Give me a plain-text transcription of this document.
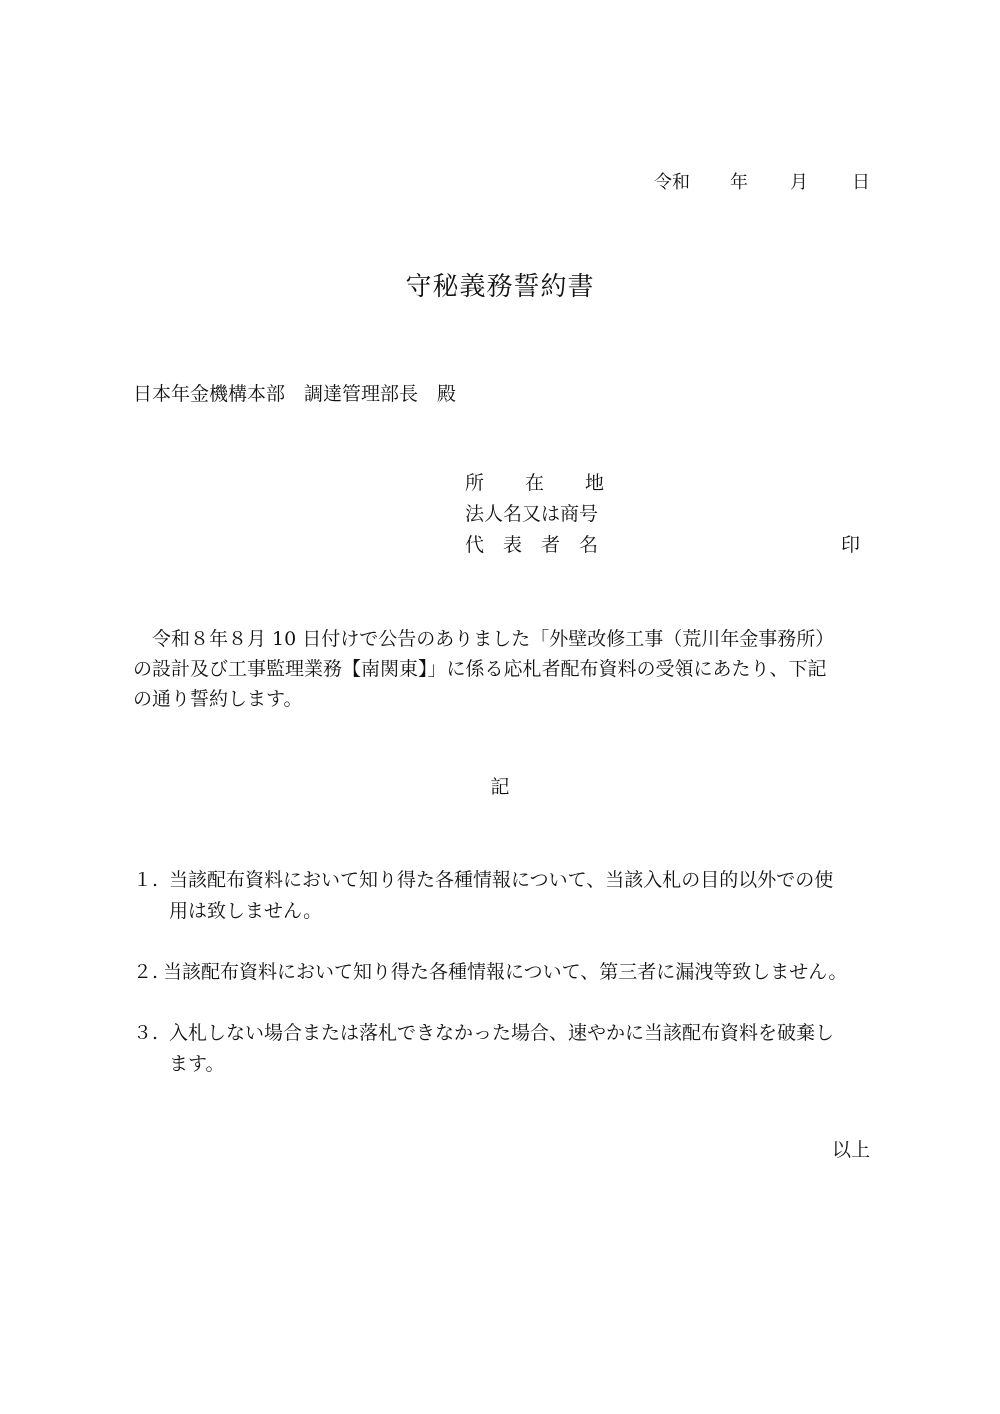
令和 年 月 日
守秘義務誓約書
日本年金機構本部　調達管理部長　殿
所 在 地
法人名又は商号
代 表 者 名	印
　令和８年８月 10 日付けで公告のありました「外壁改修工事（荒川年金事務所）
の設計及び工事監理業務【南関東】」に係る応札者配布資料の受領にあたり、下記
の通り誓約します。
記
１. 当該配布資料において知り得た各種情報について、当該入札の目的以外での使
用は致しません。
２. 当該配布資料において知り得た各種情報について、第三者に漏洩等致しません。
３. 入札しない場合または落札できなかった場合、速やかに当該配布資料を破棄し
ます。
以上
